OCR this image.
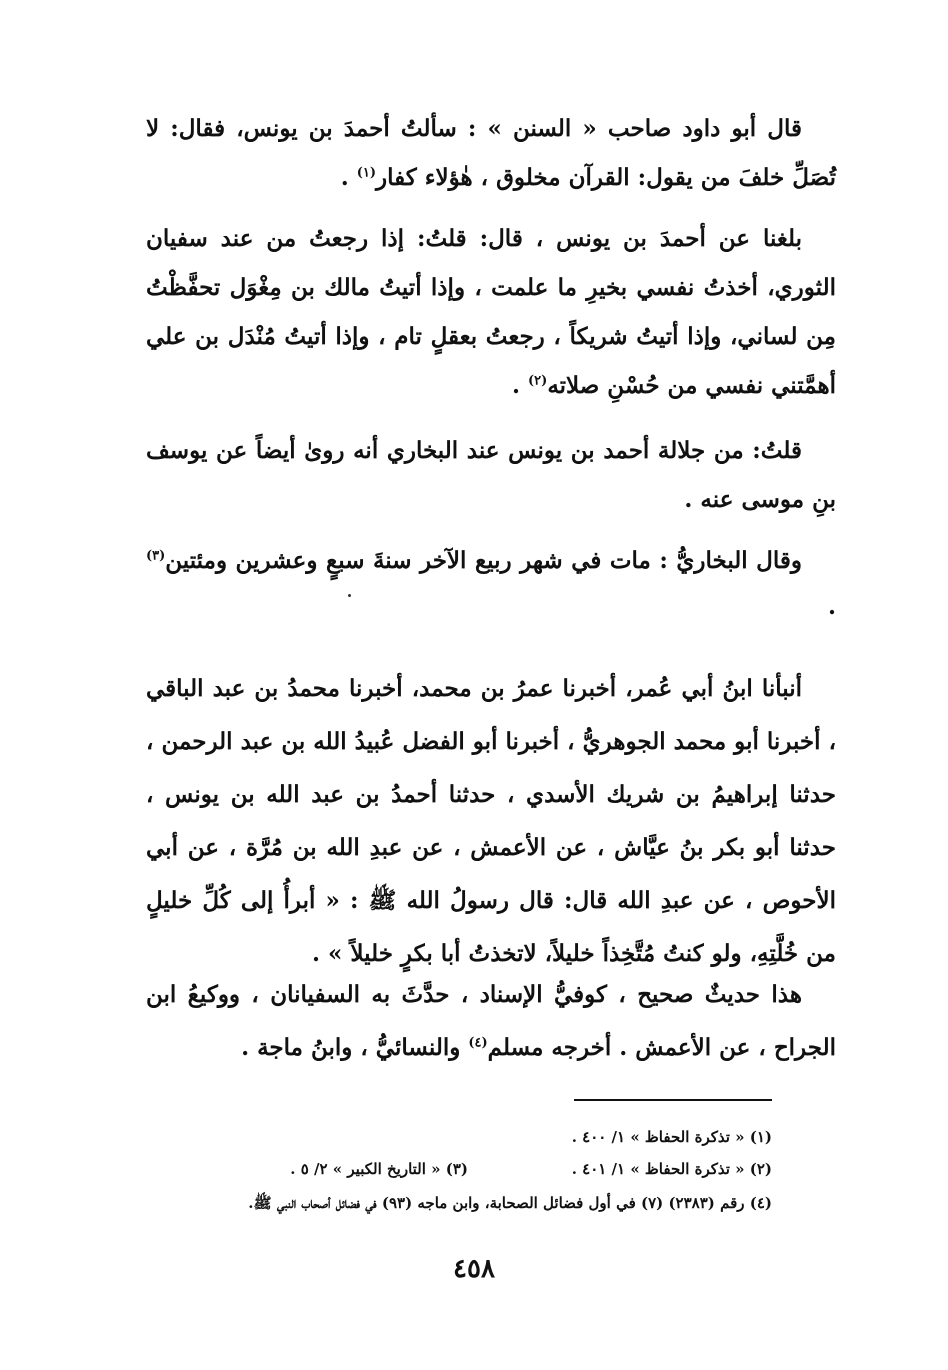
قال أبو داود صاحب « السنن » : سألتُ أحمدَ بن يونس، فقال: لا تُصَلِّ خلفَ من يقول: القرآن مخلوق ، هٰؤلاء كفار$^{(١)}$ .

بلغنا عن أحمدَ بن يونس ، قال: قلتُ: إذا رجعتُ من عند سفيان الثوري، أخذتُ نفسي بخيرِ ما علمت ، وإذا أتيتُ مالك بن مِغْوَل تحفَّظْتُ مِن لساني، وإذا أتيتُ شريكاً ، رجعتُ بعقلٍ تام ، وإذا أتيتُ مُنْدَل بن علي أهمَّتني نفسي من حُسْنِ صلاته$^{(٢)}$ .

قلتُ: من جلالة أحمد بن يونس عند البخاري أنه روىٰ أيضاً عن يوسف بنِ موسى عنه .

وقال البخاريُّ : مات في شهر ربيع الآخر سنةَ سبعٍ وعشرين ومئتين$^{(٣)}$ .

أنبأنا ابنُ أبي عُمر، أخبرنا عمرُ بن محمد، أخبرنا محمدُ بن عبد الباقي ، أخبرنا أبو محمد الجوهريُّ ، أخبرنا أبو الفضل عُبيدُ الله بن عبد الرحمن ، حدثنا إبراهيمُ بن شريك الأسدي ، حدثنا أحمدُ بن عبد الله بن يونس ، حدثنا أبو بكر بنُ عيَّاش ، عن الأعمش ، عن عبدِ الله بن مُرَّة ، عن أبي الأحوص ، عن عبدِ الله قال: قال رسولُ الله ﷺ : « أبرأُ إلى كُلِّ خليلٍ من خُلَّتِهِ، ولو كنتُ مُتَّخِذاً خليلاً، لاتخذتُ أبا بكرٍ خليلاً » .

هذا حديثٌ صحيح ، كوفيُّ الإسناد ، حدَّثَ به السفيانان ، ووكيعُ ابن الجراح ، عن الأعمش . أخرجه مسلم$^{(٤)}$ والنسائيُّ ، وابنُ ماجة .

(١) « تذكرة الحفاظ » ١/ ٤٠٠ .
(٢) « تذكرة الحفاظ » ١/ ٤٠١ .
(٣) « التاريخ الكبير » ٢/ ٥ .
(٤) رقم (٢٣٨٣) (٧) في أول فضائل الصحابة، وابن ماجه (٩٣) في فضائل أصحاب النبي ﷺ.
٤٥٨
